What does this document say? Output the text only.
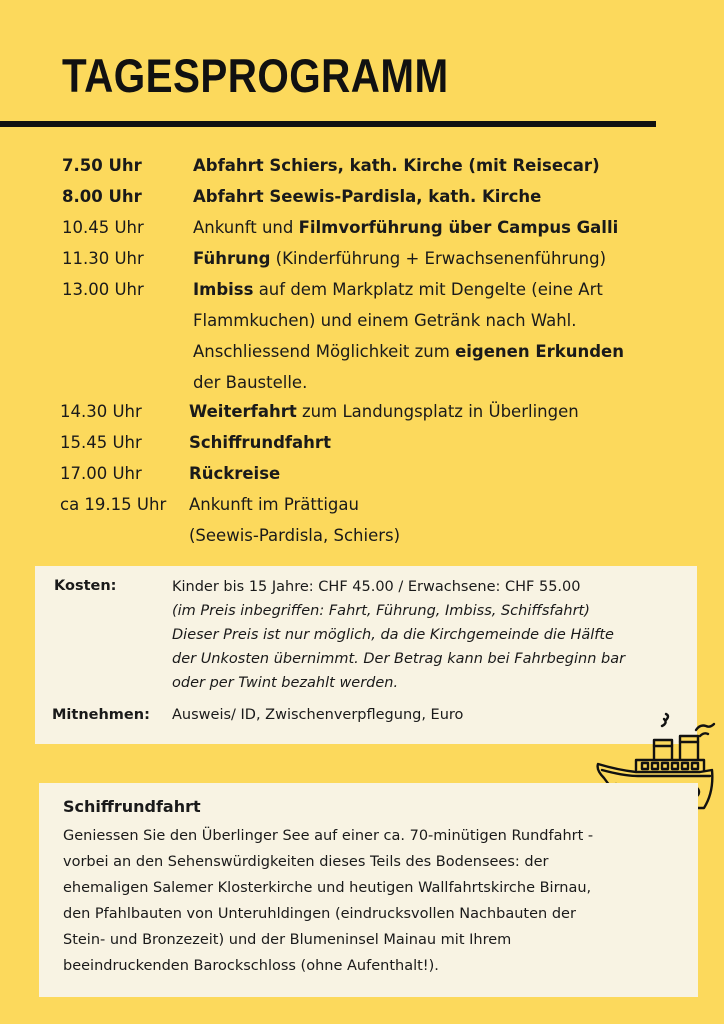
TAGESPROGRAMM
7.50 Uhr	Abfahrt Schiers, kath. Kirche (mit Reisecar)
8.00 Uhr	Abfahrt Seewis-Pardisla, kath. Kirche
10.45 Uhr	Ankunft und Filmvorführung über Campus Galli
11.30 Uhr	Führung (Kinderführung + Erwachsenenführung)
13.00 Uhr	Imbiss auf dem Markplatz mit Dengelte (eine Art
Flammkuchen) und einem Getränk nach Wahl.
Anschliessend Möglichkeit zum eigenen Erkunden
der Baustelle.
14.30 Uhr	Weiterfahrt zum Landungsplatz in Überlingen
15.45 Uhr	Schiffrundfahrt
17.00 Uhr	Rückreise
ca 19.15 Uhr Ankunft im Prättigau
(Seewis-Pardisla, Schiers)
Kosten:	Kinder bis 15 Jahre: CHF 45.00 / Erwachsene: CHF 55.00
(im Preis inbegriffen: Fahrt, Führung, Imbiss, Schiffsfahrt)
Dieser Preis ist nur möglich, da die Kirchgemeinde die Hälfte
der Unkosten übernimmt. Der Betrag kann bei Fahrbeginn bar
oder per Twint bezahlt werden.
Mitnehmen: Ausweis/ ID, Zwischenverpflegung, Euro
Schiffrundfahrt
Geniessen Sie den Überlinger See auf einer ca. 70-minütigen Rundfahrt -
vorbei an den Sehenswürdigkeiten dieses Teils des Bodensees: der
ehemaligen Salemer Klosterkirche und heutigen Wallfahrtskirche Birnau,
den Pfahlbauten von Unteruhldingen (eindrucksvollen Nachbauten der
Stein- und Bronzezeit) und der Blumeninsel Mainau mit Ihrem
beeindruckenden Barockschloss (ohne Aufenthalt!).
